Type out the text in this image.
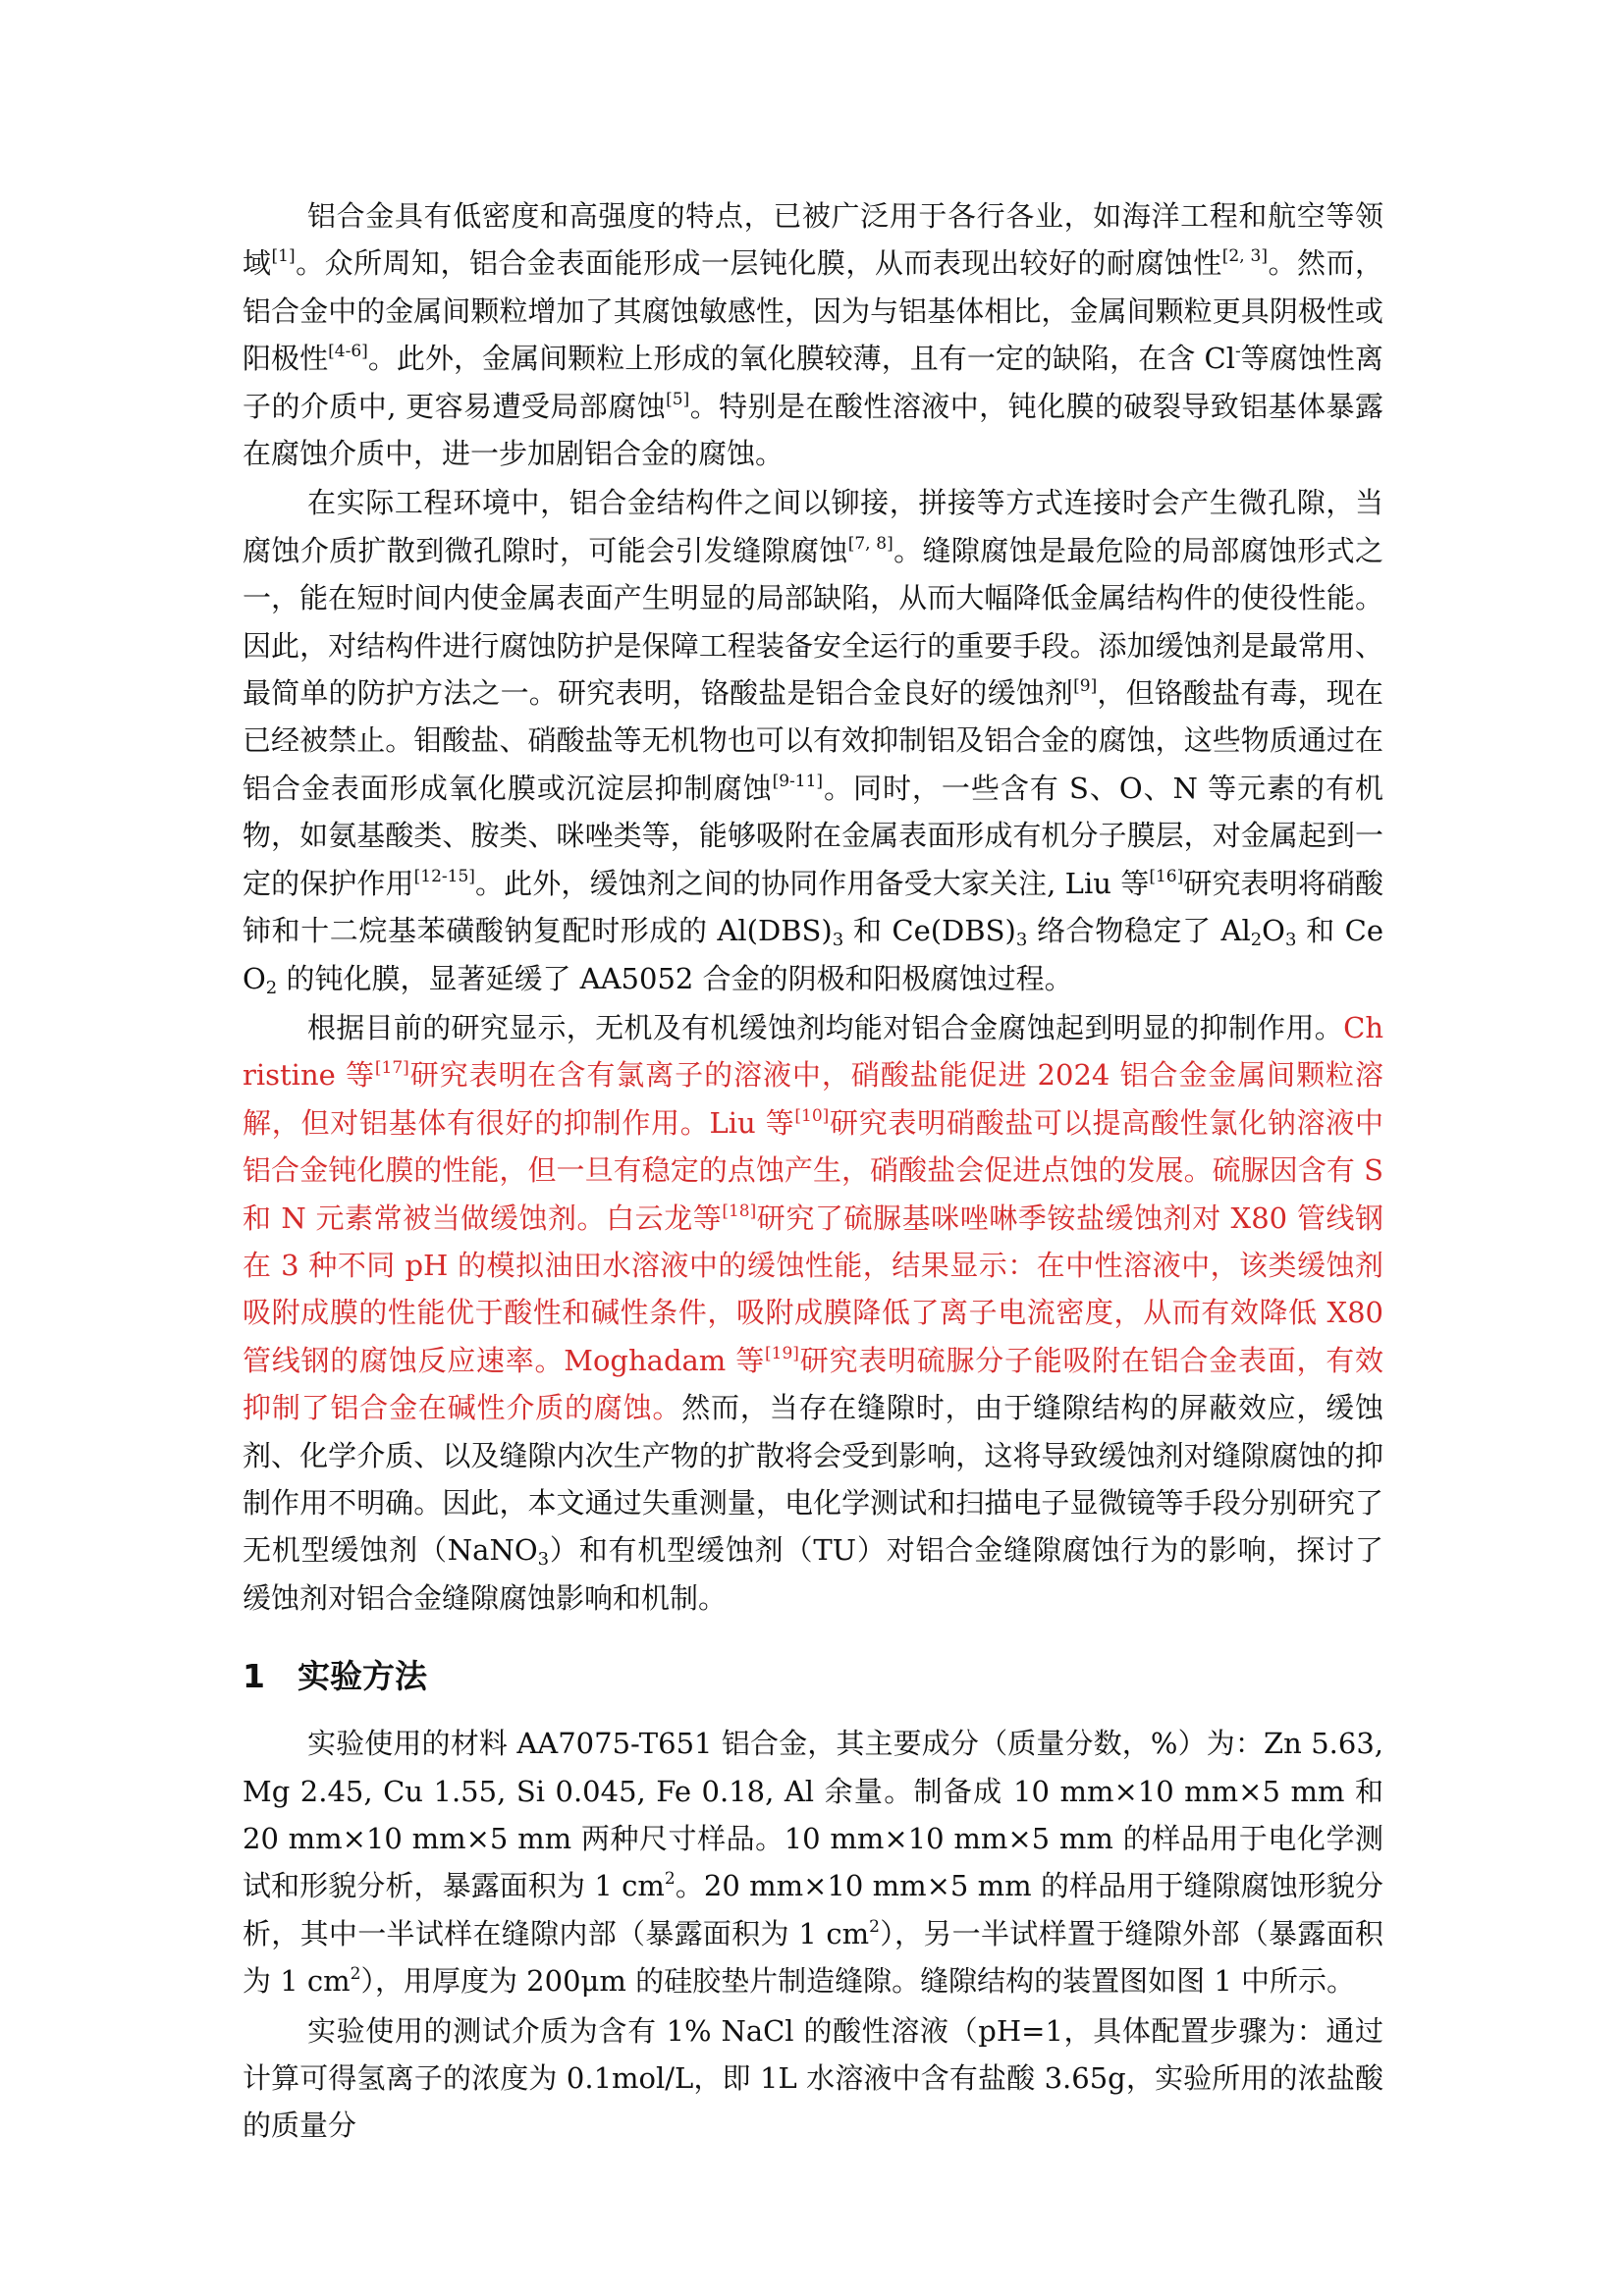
铝合金具有低密度和高强度的特点，已被广泛用于各行各业，如海洋工程和航空等领域[1]。众所周知，铝合金表面能形成一层钝化膜，从而表现出较好的耐腐蚀性[2, 3]。然而，铝合金中的金属间颗粒增加了其腐蚀敏感性，因为与铝基体相比，金属间颗粒更具阴极性或阳极性[4-6]。此外，金属间颗粒上形成的氧化膜较薄，且有一定的缺陷，在含 Cl-等腐蚀性离子的介质中, 更容易遭受局部腐蚀[5]。特别是在酸性溶液中，钝化膜的破裂导致铝基体暴露在腐蚀介质中，进一步加剧铝合金的腐蚀。

在实际工程环境中，铝合金结构件之间以铆接，拼接等方式连接时会产生微孔隙，当腐蚀介质扩散到微孔隙时，可能会引发缝隙腐蚀[7, 8]。缝隙腐蚀是最危险的局部腐蚀形式之一，能在短时间内使金属表面产生明显的局部缺陷，从而大幅降低金属结构件的使役性能。因此，对结构件进行腐蚀防护是保障工程装备安全运行的重要手段。添加缓蚀剂是最常用、最简单的防护方法之一。研究表明，铬酸盐是铝合金良好的缓蚀剂[9]，但铬酸盐有毒，现在已经被禁止。钼酸盐、硝酸盐等无机物也可以有效抑制铝及铝合金的腐蚀，这些物质通过在铝合金表面形成氧化膜或沉淀层抑制腐蚀[9-11]。同时，一些含有 S、O、N 等元素的有机物，如氨基酸类、胺类、咪唑类等，能够吸附在金属表面形成有机分子膜层，对金属起到一定的保护作用[12-15]。此外，缓蚀剂之间的协同作用备受大家关注, Liu 等[16]研究表明将硝酸铈和十二烷基苯磺酸钠复配时形成的 $Al(DBS)_3$ 和 $Ce(DBS)_3$ 络合物稳定了 $Al_2O_3$ 和 CeO$_2$ 的钝化膜，显著延缓了 AA5052 合金的阴极和阳极腐蚀过程。

根据目前的研究显示，无机及有机缓蚀剂均能对铝合金腐蚀起到明显的抑制作用。Christine 等[17]研究表明在含有氯离子的溶液中，硝酸盐能促进 2024 铝合金金属间颗粒溶解，但对铝基体有很好的抑制作用。Liu 等[10]研究表明硝酸盐可以提高酸性氯化钠溶液中铝合金钝化膜的性能，但一旦有稳定的点蚀产生，硝酸盐会促进点蚀的发展。硫脲因含有 S 和 N 元素常被当做缓蚀剂。白云龙等[18]研究了硫脲基咪唑啉季铵盐缓蚀剂对 X80 管线钢在 3 种不同 pH 的模拟油田水溶液中的缓蚀性能，结果显示：在中性溶液中，该类缓蚀剂吸附成膜的性能优于酸性和碱性条件，吸附成膜降低了离子电流密度，从而有效降低 X80 管线钢的腐蚀反应速率。Moghadam 等[19]研究表明硫脲分子能吸附在铝合金表面，有效抑制了铝合金在碱性介质的腐蚀。然而，当存在缝隙时，由于缝隙结构的屏蔽效应，缓蚀剂、化学介质、以及缝隙内次生产物的扩散将会受到影响，这将导致缓蚀剂对缝隙腐蚀的抑制作用不明确。因此，本文通过失重测量，电化学测试和扫描电子显微镜等手段分别研究了无机型缓蚀剂（NaNO$_3$）和有机型缓蚀剂（TU）对铝合金缝隙腐蚀行为的影响，探讨了缓蚀剂对铝合金缝隙腐蚀影响和机制。

1 实验方法

实验使用的材料 AA7075-T651 铝合金，其主要成分（质量分数，%）为：Zn 5.63, Mg 2.45, Cu 1.55, Si 0.045, Fe 0.18, Al 余量。制备成 10 mm×10 mm×5 mm 和 20 mm×10 mm×5 mm 两种尺寸样品。10 mm×10 mm×5 mm 的样品用于电化学测试和形貌分析，暴露面积为 1 cm$^2$。20 mm×10 mm×5 mm 的样品用于缝隙腐蚀形貌分析，其中一半试样在缝隙内部（暴露面积为 1 cm$^2$），另一半试样置于缝隙外部（暴露面积为 1 cm$^2$），用厚度为 200μm 的硅胶垫片制造缝隙。缝隙结构的装置图如图 1 中所示。

实验使用的测试介质为含有 1% NaCl 的酸性溶液（pH=1，具体配置步骤为：通过计算可得氢离子的浓度为 0.1mol/L，即 1L 水溶液中含有盐酸 3.65g，实验所用的浓盐酸的质量分
